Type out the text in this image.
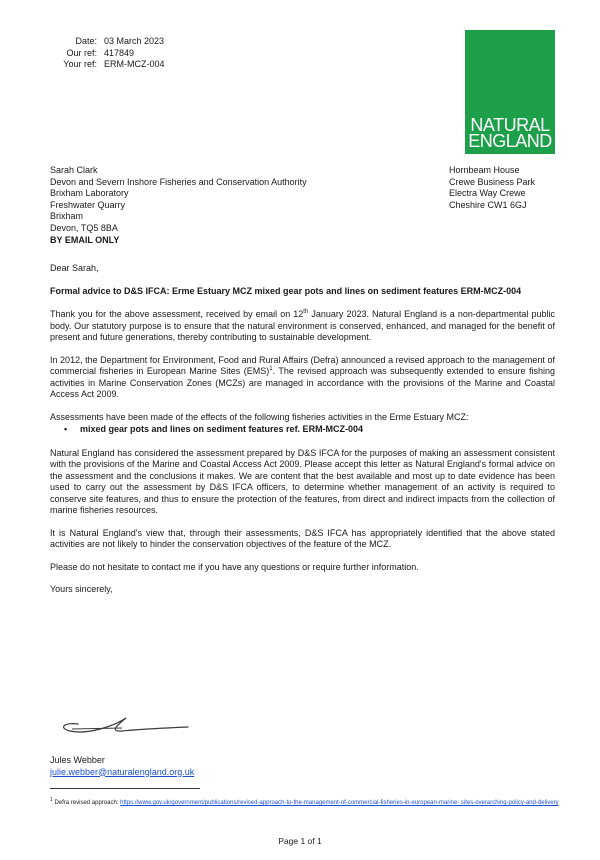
Date: 03 March 2023
Our ref: 417849
Your ref: ERM-MCZ-004
NATURAL
ENGLAND
Sarah Clark
Devon and Severn Inshore Fisheries and Conservation Authority
Brixham Laboratory
Freshwater Quarry
Brixham
Devon, TQ5 8BA
BY EMAIL ONLY
Hornbeam House
Crewe Business Park
Electra Way Crewe
Cheshire CW1 6GJ

Dear Sarah,

Formal advice to D&S IFCA: Erme Estuary MCZ mixed gear pots and lines on sediment features ERM-MCZ-004

Thank you for the above assessment, received by email on 12th January 2023. Natural England is a non-departmental public body. Our statutory purpose is to ensure that the natural environment is conserved, enhanced, and managed for the benefit of present and future generations, thereby contributing to sustainable development.

In 2012, the Department for Environment, Food and Rural Affairs (Defra) announced a revised approach to the management of commercial fisheries in European Marine Sites (EMS)$^1$. The revised approach was subsequently extended to ensure fishing activities in Marine Conservation Zones (MCZs) are managed in accordance with the provisions of the Marine and Coastal Access Act 2009.

Assessments have been made of the effects of the following fisheries activities in the Erme Estuary MCZ:

•	mixed gear pots and lines on sediment features ref. ERM-MCZ-004

Natural England has considered the assessment prepared by D&S IFCA for the purposes of making an assessment consistent with the provisions of the Marine and Coastal Access Act 2009. Please accept this letter as Natural England's formal advice on the assessment and the conclusions it makes. We are content that the best available and most up to date evidence has been used to carry out the assessment by D&S IFCA officers, to determine whether management of an activity is required to conserve site features, and thus to ensure the protection of the features, from direct and indirect impacts from the collection of marine fisheries resources.

It is Natural England's view that, through their assessments, D&S IFCA has appropriately identified that the above stated activities are not likely to hinder the conservation objectives of the feature of the MCZ.

Please do not hesitate to contact me if you have any questions or require further information.

Yours sincerely,

Jules Webber
julie.webber@naturalengland.org.uk
$^1$ Defra revised approach: https://www.gov.uk/government/publications/revised-approach-to-the-management-of-commercial-fisheries-in-european-marine- sites-overarching-policy-and-delivery
Page 1 of 1
